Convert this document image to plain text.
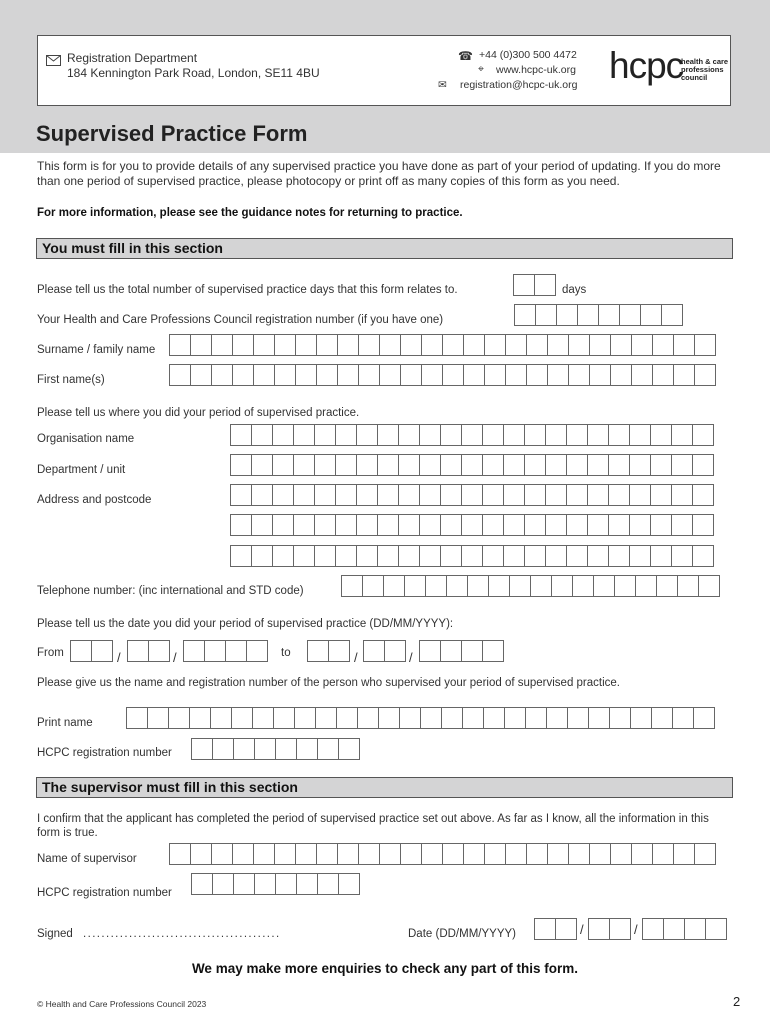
Registration Department
184 Kennington Park Road, London, SE11 4BU
☎ +44 (0)300 500 4472
⌖ www.hcpc-uk.org
✉ registration@hcpc-uk.org hcpc
health & care
professions
council
Supervised Practice Form
This form is for you to provide details of any supervised practice you have done as part of your period of updating. If you do more than one period of supervised practice, please photocopy or print off as many copies of this form as you need.
For more information, please see the guidance notes for returning to practice.
You must fill in this section
Please tell us the total number of supervised practice days that this form relates to.	days
Your Health and Care Professions Council registration number (if you have one)
Surname / family name
First name(s)
Please tell us where you did your period of supervised practice.
Organisation name
Department / unit
Address and postcode
Telephone number: (inc international and STD code)
Please tell us the date you did your period of supervised practice (DD/MM/YYYY):
From	/	/	to	/	/
Please give us the name and registration number of the person who supervised your period of supervised practice.
Print name
HCPC registration number
The supervisor must fill in this section
I confirm that the applicant has completed the period of supervised practice set out above. As far as I know, all the information in this form is true.
Name of supervisor
HCPC registration number
Signed ...........................................	Date (DD/MM/YYYY)	/	/
We may make more enquiries to check any part of this form.
© Health and Care Professions Council 2023	2
